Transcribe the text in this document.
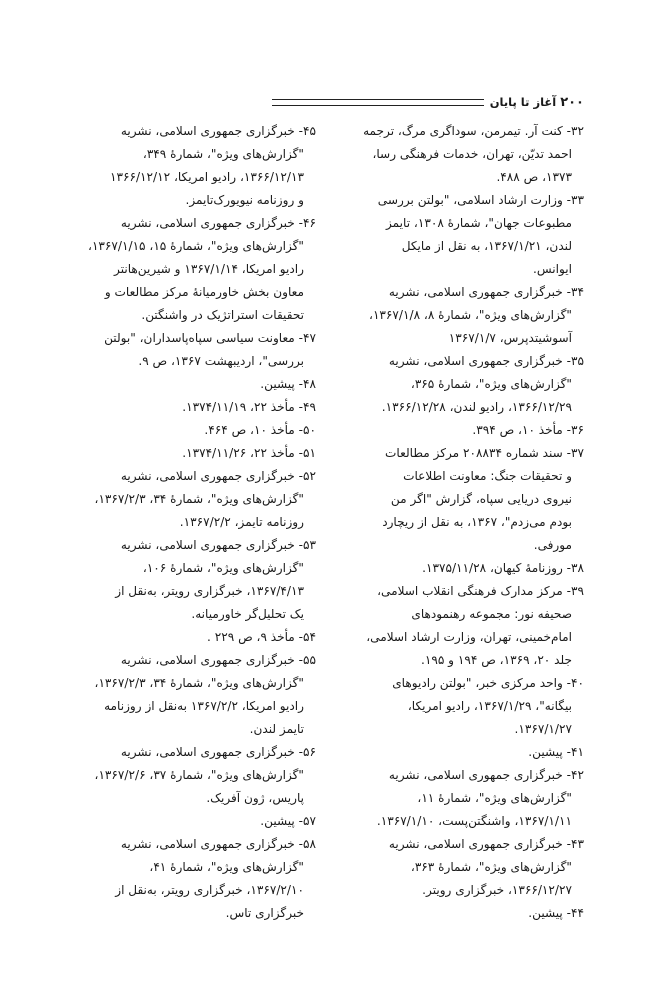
۲۰۰
آغاز تا پایان

۳۲- کنت آر. تیمرمن، سوداگری مرگ، ترجمه
احمد تدیّن، تهران، خدمات فرهنگی رسا،
۱۳۷۳، ص ۴۸۸.

۳۳- وزارت ارشاد اسلامی، "بولتن بررسی
مطبوعات جهان"، شمارهٔ ۱۳۰۸، تایمز
لندن، ۱۳۶۷/۱/۲۱، به نقل از مایکل
ایوانس.

۳۴- خبرگزاری جمهوری اسلامی، نشریه
"گزارش‌های ویژه"، شمارهٔ ۸، ۱۳۶۷/۱/۸،
آسوشیتدپرس، ۱۳۶۷/۱/۷

۳۵- خبرگزاری جمهوری اسلامی، نشریه
"گزارش‌های ویژه"، شمارهٔ ۳۶۵،
۱۳۶۶/۱۲/۲۹، رادیو لندن، ۱۳۶۶/۱۲/۲۸.

۳۶- مأخذ ۱۰، ص ۳۹۴.

۳۷- سند شماره ۲۰۸۸۳۴ مرکز مطالعات
و تحقیقات جنگ: معاونت اطلاعات
نیروی دریایی سپاه، گزارش "اگر من
بودم می‌زدم"، ۱۳۶۷، به نقل از ریچارد
مورفی.

۳۸- روزنامهٔ کیهان، ۱۳۷۵/۱۱/۲۸.

۳۹- مرکز مدارک فرهنگی انقلاب اسلامی،
صحیفه نور: مجموعه رهنمودهای
امام‌خمینی، تهران، وزارت ارشاد اسلامی،
جلد ۲۰، ۱۳۶۹، ص ۱۹۴ و ۱۹۵.

۴۰- واحد مرکزی خبر، "بولتن رادیوهای
بیگانه"، ۱۳۶۷/۱/۲۹، رادیو امریکا،
۱۳۶۷/۱/۲۷.

۴۱- پیشین.

۴۲- خبرگزاری جمهوری اسلامی، نشریه
"گزارش‌های ویژه"، شمارهٔ ۱۱،
۱۳۶۷/۱/۱۱، واشنگتن‌پست، ۱۳۶۷/۱/۱۰.

۴۳- خبرگزاری جمهوری اسلامی، نشریه
"گزارش‌های ویژه"، شمارهٔ ۳۶۳،
۱۳۶۶/۱۲/۲۷، خبرگزاری رویتر.

۴۴- پیشین.

۴۵- خبرگزاری جمهوری اسلامی، نشریه
"گزارش‌های ویژه"، شمارهٔ ۳۴۹،
۱۳۶۶/۱۲/۱۳، رادیو امریکا، ۱۳۶۶/۱۲/۱۲
و روزنامه نیویورک‌تایمز.

۴۶- خبرگزاری جمهوری اسلامی، نشریه
"گزارش‌های ویژه"، شمارهٔ ۱۵، ۱۳۶۷/۱/۱۵،
رادیو امریکا، ۱۳۶۷/۱/۱۴ و شیرین‌هانتر
معاون بخش خاورمیانهٔ مرکز مطالعات و
تحقیقات استراتژیک در واشنگتن.

۴۷- معاونت سیاسی سپاه‌پاسداران، "بولتن
بررسی"، اردیبهشت ۱۳۶۷، ص ۹.

۴۸- پیشین.

۴۹- مأخذ ۲۲، ۱۳۷۴/۱۱/۱۹.

۵۰- مأخذ ۱۰، ص ۴۶۴.

۵۱- مأخذ ۲۲، ۱۳۷۴/۱۱/۲۶.

۵۲- خبرگزاری جمهوری اسلامی، نشریه
"گزارش‌های ویژه"، شمارهٔ ۳۴، ۱۳۶۷/۲/۳،
روزنامه تایمز، ۱۳۶۷/۲/۲.

۵۳- خبرگزاری جمهوری اسلامی، نشریه
"گزارش‌های ویژه"، شمارهٔ ۱۰۶،
۱۳۶۷/۴/۱۳، خبرگزاری رویتر، به‌نقل از
یک تحلیل‌گر خاورمیانه.

۵۴- مأخذ ۹، ص ۲۲۹ .

۵۵- خبرگزاری جمهوری اسلامی، نشریه
"گزارش‌های ویژه"، شمارهٔ ۳۴، ۱۳۶۷/۲/۳،
رادیو امریکا، ۱۳۶۷/۲/۲ به‌نقل از روزنامه
تایمز لندن.

۵۶- خبرگزاری جمهوری اسلامی، نشریه
"گزارش‌های ویژه"، شمارهٔ ۳۷، ۱۳۶۷/۲/۶،
پاریس، ژون آفریک.

۵۷- پیشین.

۵۸- خبرگزاری جمهوری اسلامی، نشریه
"گزارش‌های ویژه"، شمارهٔ ۴۱،
۱۳۶۷/۲/۱۰، خبرگزاری رویتر، به‌نقل از
خبرگزاری تاس.
